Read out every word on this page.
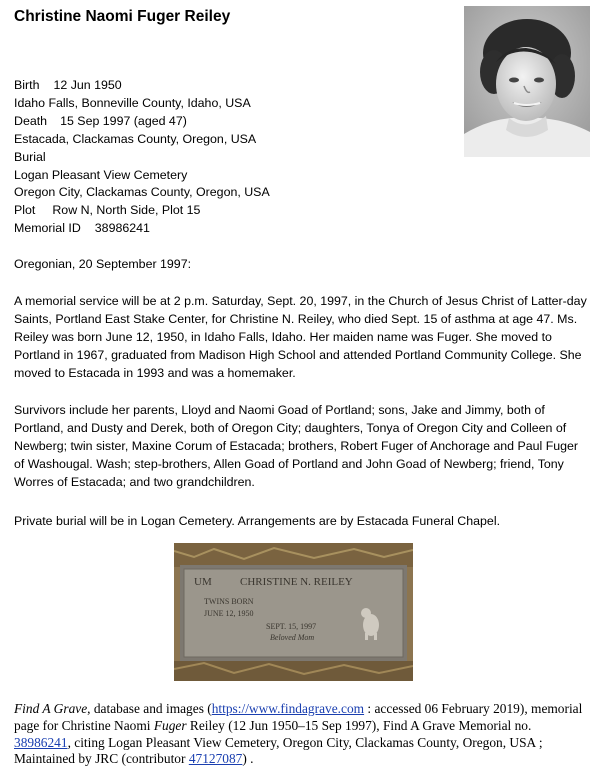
Christine Naomi Fuger Reiley
Birth 12 Jun 1950
Idaho Falls, Bonneville County, Idaho, USA
Death 15 Sep 1997 (aged 47)
Estacada, Clackamas County, Oregon, USA
Burial
Logan Pleasant View Cemetery
Oregon City, Clackamas County, Oregon, USA
Plot Row N, North Side, Plot 15
Memorial ID 38986241
Oregonian, 20 September 1997:
A memorial service will be at 2 p.m. Saturday, Sept. 20, 1997, in the Church of Jesus Christ of Latter-day Saints, Portland East Stake Center, for Christine N. Reiley, who died Sept. 15 of asthma at age 47. Ms. Reiley was born June 12, 1950, in Idaho Falls, Idaho. Her maiden name was Fuger. She moved to Portland in 1967, graduated from Madison High School and attended Portland Community College. She moved to Estacada in 1993 and was a homemaker.
Survivors include her parents, Lloyd and Naomi Goad of Portland; sons, Jake and Jimmy, both of Portland, and Dusty and Derek, both of Oregon City; daughters, Tonya of Oregon City and Colleen of Newberg; twin sister, Maxine Corum of Estacada; brothers, Robert Fuger of Anchorage and Paul Fuger of Washougal. Wash; step-brothers, Allen Goad of Portland and John Goad of Newberg; friend, Tony Worres of Estacada; and two grandchildren.
Private burial will be in Logan Cemetery. Arrangements are by Estacada Funeral Chapel.
UM	CHRISTINE N. REILEY
TWINS BORN
JUNE 12, 1950
SEPT. 15, 1997
Beloved Mom
Find A Grave, database and images (https://www.findagrave.com : accessed 06 February 2019), memorial page for Christine Naomi Fuger Reiley (12 Jun 1950–15 Sep 1997), Find A Grave Memorial no. 38986241, citing Logan Pleasant View Cemetery, Oregon City, Clackamas County, Oregon, USA ; Maintained by JRC (contributor 47127087) .
